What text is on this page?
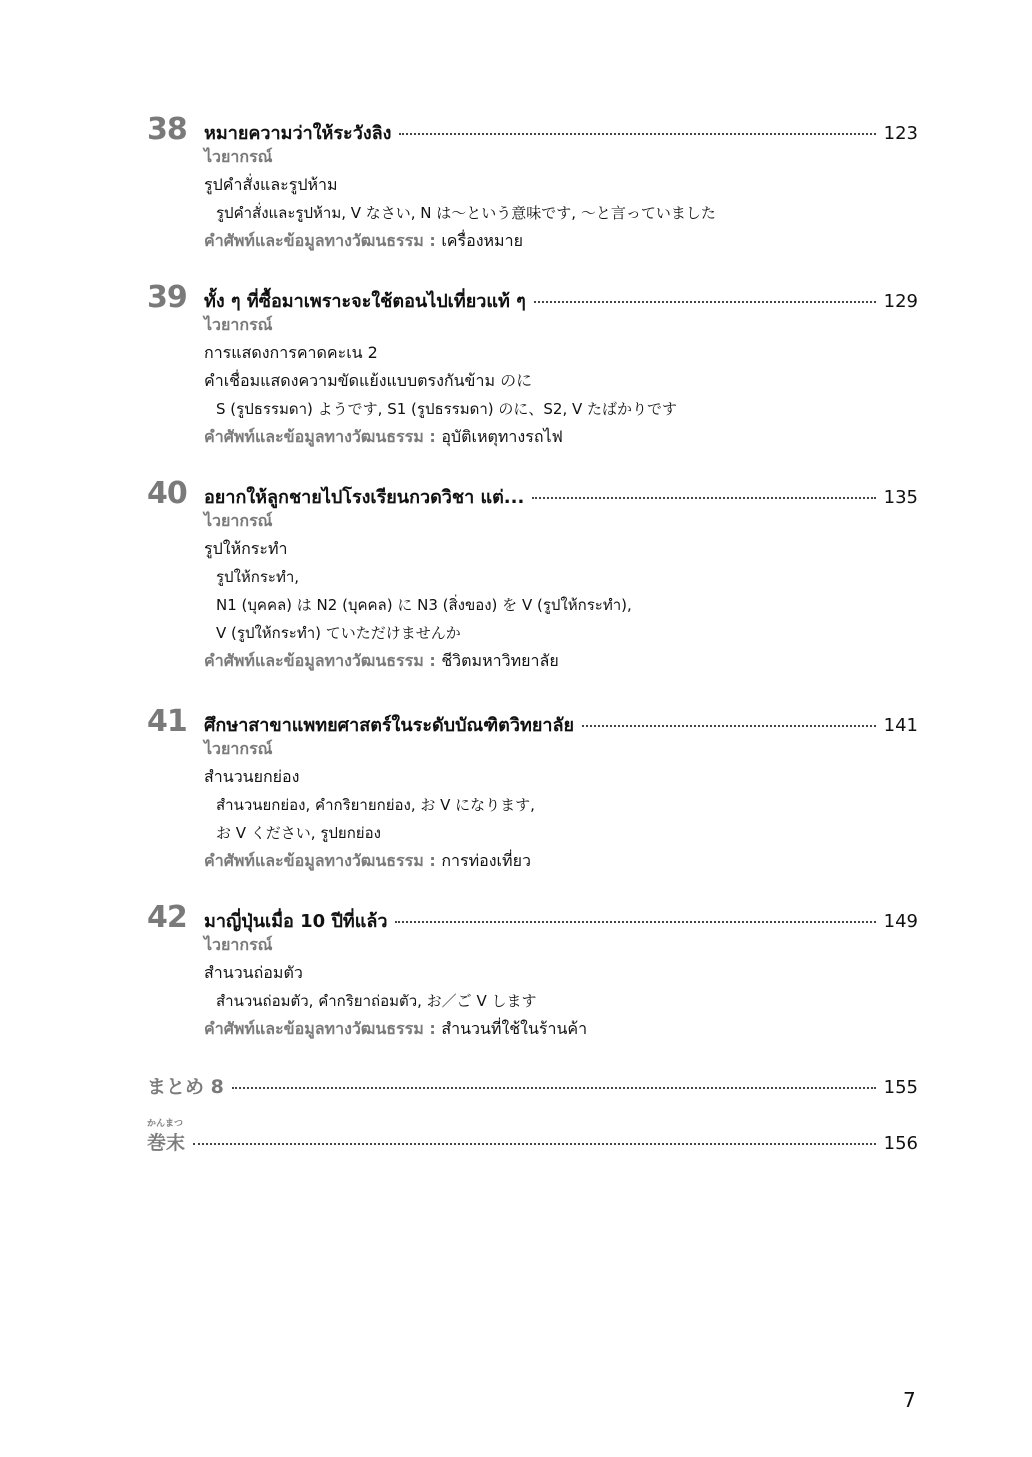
38 หมายความว่าให้ระวังลิง	123
ไวยากรณ์
รูปคำสั่งและรูปห้าม
รูปคำสั่งและรูปห้าม, V なさい, N は〜という意味です, 〜と言っていました
คำศัพท์และข้อมูลทางวัฒนธรรม : เครื่องหมาย
39 ทั้ง ๆ ที่ซื้อมาเพราะจะใช้ตอนไปเที่ยวแท้ ๆ	129
ไวยากรณ์
การแสดงการคาดคะเน 2
คำเชื่อมแสดงความขัดแย้งแบบตรงกันข้าม のに
S (รูปธรรมดา) ようです, S1 (รูปธรรมดา) のに、S2, V たばかりです
คำศัพท์และข้อมูลทางวัฒนธรรม : อุบัติเหตุทางรถไฟ
40 อยากให้ลูกชายไปโรงเรียนกวดวิชา แต่...	135
ไวยากรณ์
รูปให้กระทำ
รูปให้กระทำ,
N1 (บุคคล) は N2 (บุคคล) に N3 (สิ่งของ) を V (รูปให้กระทำ),
V (รูปให้กระทำ) ていただけませんか
คำศัพท์และข้อมูลทางวัฒนธรรม : ชีวิตมหาวิทยาลัย
41 ศึกษาสาขาแพทยศาสตร์ในระดับบัณฑิตวิทยาลัย	141
ไวยากรณ์
สำนวนยกย่อง
สำนวนยกย่อง, คำกริยายกย่อง, お V になります,
お V ください, รูปยกย่อง
คำศัพท์และข้อมูลทางวัฒนธรรม : การท่องเที่ยว
42 มาญี่ปุ่นเมื่อ 10 ปีที่แล้ว	149
ไวยากรณ์
สำนวนถ่อมตัว
สำนวนถ่อมตัว, คำกริยาถ่อมตัว, お／ご V します
คำศัพท์และข้อมูลทางวัฒนธรรม : สำนวนที่ใช้ในร้านค้า
まとめ 8	155
かんまつ
巻末	156
7
